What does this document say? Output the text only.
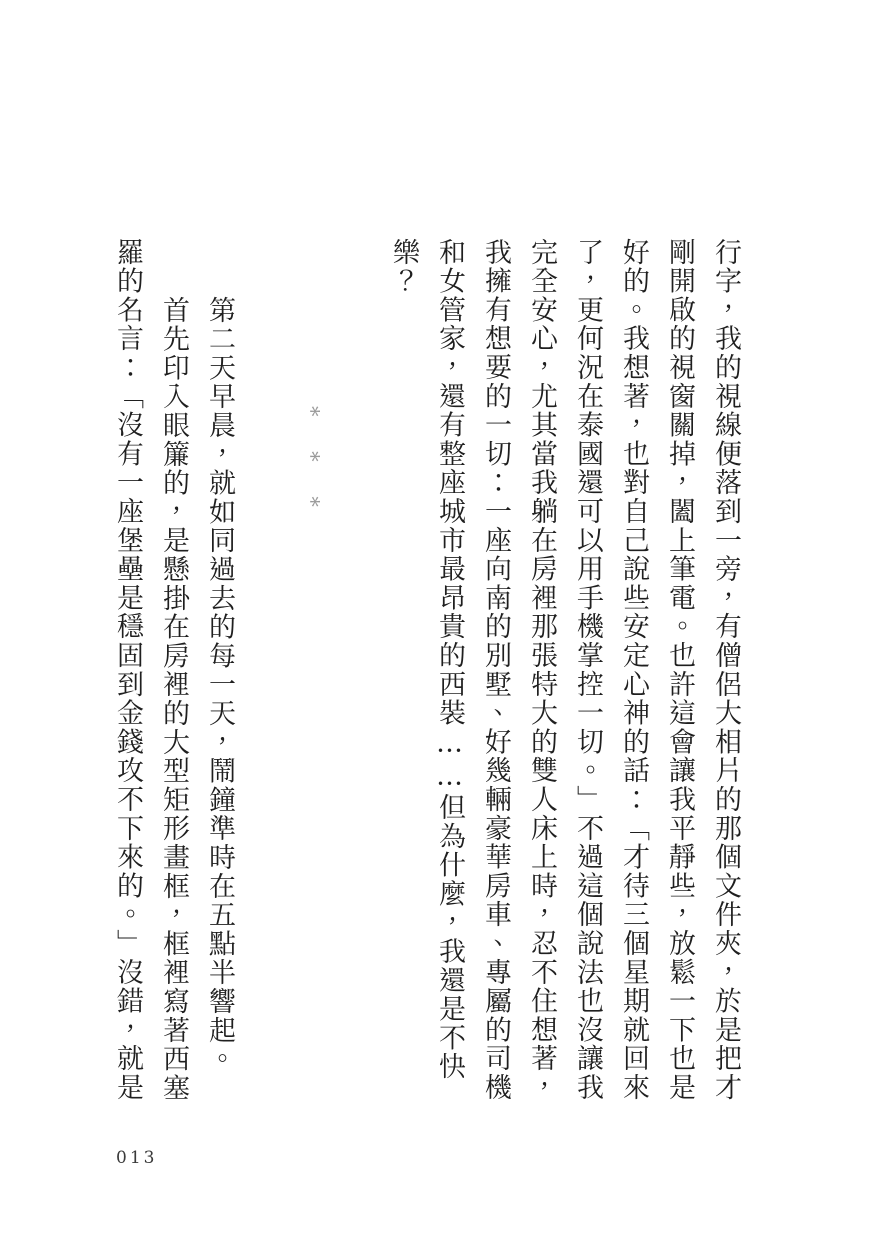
行字，我的視線便落到一旁，有僧侶大相片的那個文件夾，於是把才剛開啟的視窗關掉，闔上筆電。也許這會讓我平靜些，放鬆一下也是好的。我想著，也對自己說些安定心神的話：「才待三個星期就回來了，更何況在泰國還可以用手機掌控一切。」不過這個說法也沒讓我完全安心，尤其當我躺在房裡那張特大的雙人床上時，忍不住想著，我擁有想要的一切：一座向南的別墅、好幾輛豪華房車、專屬的司機和女管家，還有整座城市最昂貴的西裝……但為什麼，我還是不快樂？

* * *

第二天早晨，就如同過去的每一天，鬧鐘準時在五點半響起。

首先印入眼簾的，是懸掛在房裡的大型矩形畫框，框裡寫著西塞羅的名言：「沒有一座堡壘是穩固到金錢攻不下來的。」沒錯，就是

013
